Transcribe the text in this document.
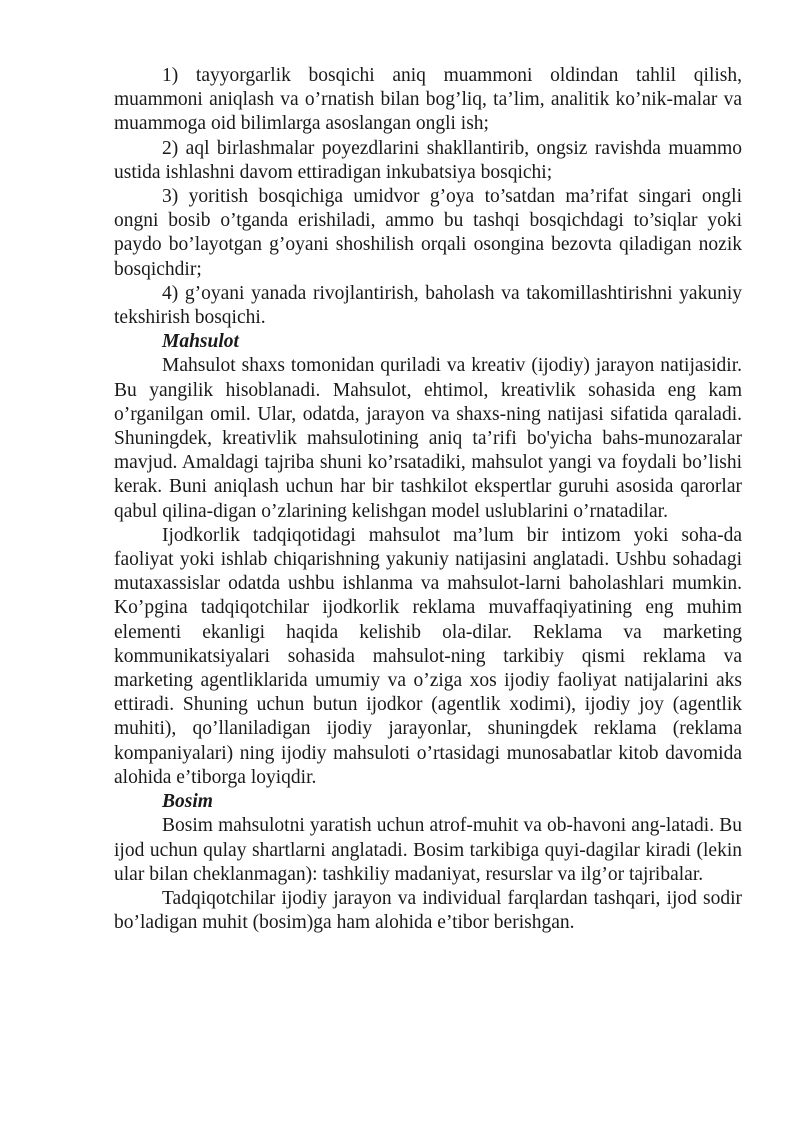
1) tayyorgarlik bosqichi aniq muammoni oldindan tahlil qilish, muammoni aniqlash va o’rnatish bilan bog’liq, ta’lim, analitik ko’nik-malar va muammoga oid bilimlarga asoslangan ongli ish;

2) aql birlashmalar poyezdlarini shakllantirib, ongsiz ravishda muammo ustida ishlashni davom ettiradigan inkubatsiya bosqichi;

3) yoritish bosqichiga umidvor g’oya to’satdan ma’rifat singari ongli ongni bosib o’tganda erishiladi, ammo bu tashqi bosqichdagi to’siqlar yoki paydo bo’layotgan g’oyani shoshilish orqali osongina bezovta qiladigan nozik bosqichdir;

4) g’oyani yanada rivojlantirish, baholash va takomillashtirishni yakuniy tekshirish bosqichi.

Mahsulot

Mahsulot shaxs tomonidan quriladi va kreativ (ijodiy) jarayon natijasidir. Bu yangilik hisoblanadi. Mahsulot, ehtimol, kreativlik sohasida eng kam o’rganilgan omil. Ular, odatda, jarayon va shaxs-ning natijasi sifatida qaraladi. Shuningdek, kreativlik mahsulotining aniq ta’rifi bo'yicha bahs-munozaralar mavjud. Amaldagi tajriba shuni ko’rsatadiki, mahsulot yangi va foydali bo’lishi kerak. Buni aniqlash uchun har bir tashkilot ekspertlar guruhi asosida qarorlar qabul qilina-digan o’zlarining kelishgan model uslublarini o’rnatadilar.

Ijodkorlik tadqiqotidagi mahsulot ma’lum bir intizom yoki soha-da faoliyat yoki ishlab chiqarishning yakuniy natijasini anglatadi. Ushbu sohadagi mutaxassislar odatda ushbu ishlanma va mahsulot-larni baholashlari mumkin. Ko’pgina tadqiqotchilar ijodkorlik reklama muvaffaqiyatining eng muhim elementi ekanligi haqida kelishib ola-dilar. Reklama va marketing kommunikatsiyalari sohasida mahsulot-ning tarkibiy qismi reklama va marketing agentliklarida umumiy va o’ziga xos ijodiy faoliyat natijalarini aks ettiradi. Shuning uchun butun ijodkor (agentlik xodimi), ijodiy joy (agentlik muhiti), qo’llaniladigan ijodiy jarayonlar, shuningdek reklama (reklama kompaniyalari) ning ijodiy mahsuloti o’rtasidagi munosabatlar kitob davomida alohida e’tiborga loyiqdir.

Bosim

Bosim mahsulotni yaratish uchun atrof-muhit va ob-havoni ang-latadi. Bu ijod uchun qulay shartlarni anglatadi. Bosim tarkibiga quyi-dagilar kiradi (lekin ular bilan cheklanmagan): tashkiliy madaniyat, resurslar va ilg’or tajribalar.

Tadqiqotchilar ijodiy jarayon va individual farqlardan tashqari, ijod sodir bo’ladigan muhit (bosim)ga ham alohida e’tibor berishgan.
